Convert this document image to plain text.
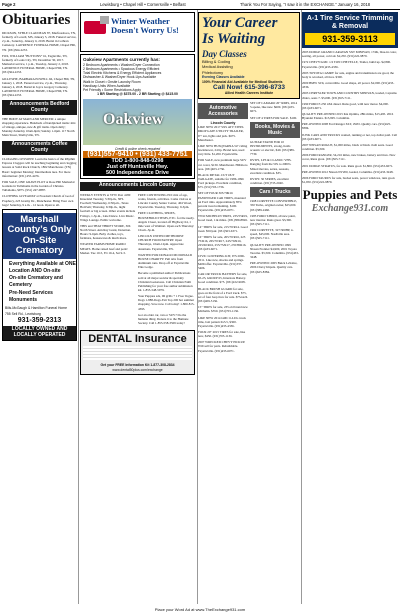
Page 2	Lewisburg • Chapel Hill • Cornersville • Belfast	Thank You For Saying, “I saw it in the EXCHANGE.” January 16, 2018
Obituaries

DICKSON, SYBLE CLAUDEAN 87, Murfreesboro, TN, formerly of Lowell, MS, January 5, 2018. Funeral service, 2 p.m., Saturday, January 6, 2018. Burial in Cothran Cemetery. LAWRENCE FUNERAL HOME, Chapel Hill, TN. (931)364-2233.

FOX, WILLIAM “BUTTONS” 61, Eagleville, TN, formerly of Louis City, TN, December 30, 2017. Memorial service, 1 p.m., Tuesday, January 2, 2018. LAWRENCE FUNERAL HOME, Chapel Hill, TN. (931)364-2233.

GILLESPIE, BARBARA POWELL 66, Chapel Hill, TN, January 1, 2018. Funeral service, 2 p.m., Thursday, January 4, 2018. Burial in Joyce Gregory Cemetery. LAWRENCE FUNERAL HOME, Chapel Hill, TN. (931)364-2233.

Announcements Bedford County

THE BODY AT MAIN AND MERCER: a unique shopping experience. Hundreds of handpicked items: mix of vintage, antique, new & gift items. Open daily; Monday-Saturday 10am-6pm; Sunday 1-6pm. 117 North Main Street, Shelbyville, TN.

Announcements Coffee County

CLOGGING LESSONS! Learn the basics of the Rhythm Express Cloggers will be teaching beginning and clogging lessons at Solid Rock Church, 1802 Manchester. (TN) Basic: beginner Monday; Intermediate tues. For more information: (931) 455-4476.

FOR SALE, ONE GRAVE PLOT at Rose Hill Memorial Gardens in Tullahoma in the Garden of Christus. Tullahoma, $975. (931) 247-0887.

CLOTHING GIVEAWAY at Freedom Church of God of Prophecy, 223 Jeremy Dr., Manchester. Bring Your own bags! Saturday, 9 a.m. - 12 noon. Open to all.

Marshall County’s Only On-Site Crematory
Everything Available at ONE Location AND On-site
On-site Crematory and Cemetery
Pre-Need Services
Monuments
Bills-McGaugh & Hamilton Funeral Home
755 Sell Rd., Lewisburg
931-359-2313
LOCALLY OWNED AND LOCALLY OPERATED
Winter Weather
Doesn't Worry Us!
Oakview Apartments currently has:
2 Bedroom Apartments • Washer/Dryer Connection
2 Bedroom Apartments • Spacious Energy Efficient
Total Electric Kitchens & Energy Efficient Appliances
Dishwasher & Washer/Dryer Hook-Ups Available
Walk in Closet • Onsite Laundry Room
Handicap Units When Available
Pet Friendly • Some Restrictions Apply
1 BR Starting @ $375.00 - 2 BR Starting @ $415.00
Oakview
Credit & police check required
(931)557-9410 • (931) 433-7751
TDD 1-800-848-0298
Just off Huntsville Hwy.
500 Independence Drive
Announcements Lincoln County

WEEKLY EVENTS at VFW Post 4180 Kneeland Tuesday, 5:30p.m., NFL Football; Wednesday, 6:30p.m., Texas Hold'em; Thursday, 6:30p.m., night football or big screen. Other events include Fridays, 1-3p.m., Line Dance. Live Music. Wings Lounge. Public welcome.

THIS and THAT THRIFT STORE, 306 North Street. Ann Ray Grant, Donation. Hours: 9-6pm. Baby clothes, toys, furniture, housewares & much more.

WEAVER FARMS HOME RADIO MEATS. Home raised beef and pork! Market. Tue 10-5, Fri 10-4, Sat 9-3.

FREE CONTINUING ED: mix of age, wants, friends, activities. Come visit us at Lincoln County Senior Center, 404 Wood, Fayetteville. Tuesday, Thursday, 9-3pm.

FREE CLOTHING, SHOES, HOUSEHOLD ITEMS, ETC. for the needy. Angels Closet, located off Highway 64, 1 mile west of Walmart. Open each Thursday: 10a.m.-3p.m.

LINCOLN UNITED METHODIST CHURCH FOOD PANTRY. Open Thursdays, 10am-12pm. Appreciate donations. Fayetteville, TN.

WANTED FOR DONALD MCDONALD HOUSE CHARITY: Pull tabs from aluminum cans. Drop off at Fayetteville Elks Lodge.

Become a published author! Publications sold at all major secular & specialty Christian bookstores. Call Christian Faith Publishing for your free author submission kit. 1-855-548-5979.

Your Puppies ads, ID grills + 1 Free Vogue. Dogs 1-888-Dogs-Fair Top 200 hot summer shopping. Save now. Call today! 1-800-815-4393.

Got an older car, van or SUV? Do the humane thing. Donate it to the Humane Society. Call 1-855-558-3509 today!

DENTAL Insurance
Get your FREE Information Kit 1-877-308-2834
www.dental50plus.com/exchange
Your Career
Is Waiting
Day Classes
Billing & Coding
Medical Assisting
Phlebotomy
Evening Classes Available
100% Financial Aid Available for Medical Students
Call Now! 615-396-8733
Allied Health Careers Institute
Automotive Accessories
Lincoln County

LIKE NEW 2017 SXS ATV STEEL DROP GATE UTILITY TRAILER, 6'+ ton, lights and jack. $675. Manchester.

LIKE NEW HUSQVARNA 54" riding lawnmower, 24 hp. Brand new, used very little. $1,200. Fayetteville.

FOR SALE, new premium large SUV car cover, $130. Manchester. Hillsboro area. (931)403-1736.

BLACK METAL CUT OUT TAILGATE, suitable for 1986-1996 Ford pickups. Excellent condition, $75. (931)703-1736.

SET OF FOUR 305/70R16 PASSENGER CAR TIRES, mounted on Ford rims. Approximately 85% percent tread remaining. $100. Fayetteville. (931)433-6071.

TWO MICHELIN TIRES, 235/55R19, Good tread, 11k miles. (931)389-8826.

14" TIRES for sale, 215/70/R14. Good tread. $50/pair. (931)363-6371.

16" TIRES for sale, 265/70/R16, 225 75/R16, 265/70/R17, 245/70/R16, 225/60/R16, 255/75/R17, 235/85R16. (931)433-6071.

CIVIC LOWERING KIT, ITS 2006-2011. Like new, shocks and springs. $400/offer. Fayetteville. (931)337-5406.

CAR OR TRUCK BATTERY for sale, 65-25, GROUP 65, Interstate Battery. Good condition. $75. (931)222-9695.

BLACK BRUSH GUARD for sale, goes on the front of a Ford truck. $75, set of four Jeep tires for sale. $75/each. (931)409-5136.

15" TIRES for sale, 235 old brand new Michelin. $350. (931)703-1136.

LIKE NEW 2014 GMC 6-LUG truck rims, bolt pattern 6x5.5, $300. Fayetteville. (931)433-4336.

FOUR 20" 2015 TIRES for sale, like new, $450. (931)703-1136.

2007 WRECKED CHEVY PICKUP. Will sell for parts. Rebuildable. Fayetteville. (931)433-6071.

SET OF CAMARO 20" RIMS, 2014 5-spoke, like new. $600. (931)433-6071.

SET OF 4 TIRES FOR SALE. $100.

Books, Movies & Music

GUITAR STAND FOR 10 INSTRUMENTS, strong, holds acoustic or electric, $40. (931)389-7730.

DVD'S, LPS & CLASSIC VHS. Ranging from the 50's to 2000's. Mixed movies, series, seasons, excellent condition. $35.

DVD'S: 30 SERIES, excellent condition. (931)735-2040.

Cars / Trucks

1968 CORVETTE CONVERTIBLE, 350 Turbo, original owner, $25,000. (931)389-2460.

1985 FORD T-BIRD, all new paint, new interior. Runs great. $3,300. (931)565-7111.

1962 CORVETTE, 327/300HP, 4-speed, $45,000. Nashville area. (931)565-7111.

QUALITY PRE-OWNED 1999 Nissan Frontier $4,900, 2001 Toyota Tacoma. $5,500. Columbia. (931)433-3248.

PRE-OWNED: 2005 Buick LeSabre, 2006 Chevy Impala. Quality cars. (931)625-8384.

A-1 Tire Service Trimming & Removal
931-359-3113

2003 DODGE GRAND CARAVAN SXT MINIVAN, 174K, blue-in color, seating, all power, cold air. $2,250. (931)222-9879.

1972 CHEVY/GMC 1/2 TON CHEVELLE, Trailer, build up. $2,800. Fayetteville. (931)433-4336.

2003 TOYOTA CAMRY for sale, engine and transmission are good, the body is wrecked, all tires. $300.

2000 BMW 323i, convertible. Good shape, all power. $2,000. (931)433-4336.

2003 CHRYSLER TOWN AND COUNTRY MINIVAN, loaded, Captains chairs, seats 7. $5,000. (931)565-7111.

1990 FORD F-250 4X4 diesel. Runs good, with new motor. $4,000. (931)433-6071.

QUALITY PRE-OWNED 2015 Kia Optima, 28K miles, $15,495. 2016 Hyundai Elantra. $13,995. Columbia.

PRE-OWNED 2008 Ford Ranger XLT, 4WD. Quality cars. (931)625-8384.

JUNK CARS AND TRUCKS wanted, running or not, top dollar paid. Call (931)433-6071.

2007 NISSAN ROGUE, $1,000 miles, black w/black cloth seats. Good condition. $5,500.

2006 FORD RANGER, 54,216 miles, new brakes, battery and tires. New cover, Runs great. (931)565-7111.

2001 DODGE STRATUS, for sale. Runs good. $1,800. (931)433-6071.

PRE-OWNED 2012 Nissan NV200, loaded, Columbia. (931)433-3248.

2006 FORD TAURUS for sale, bucket seats, power windows, runs good. $1,950. (931)222-9879.

Puppies and Pets
Exchange931.com
Place your Word Ad at www.TheExchange931.com
